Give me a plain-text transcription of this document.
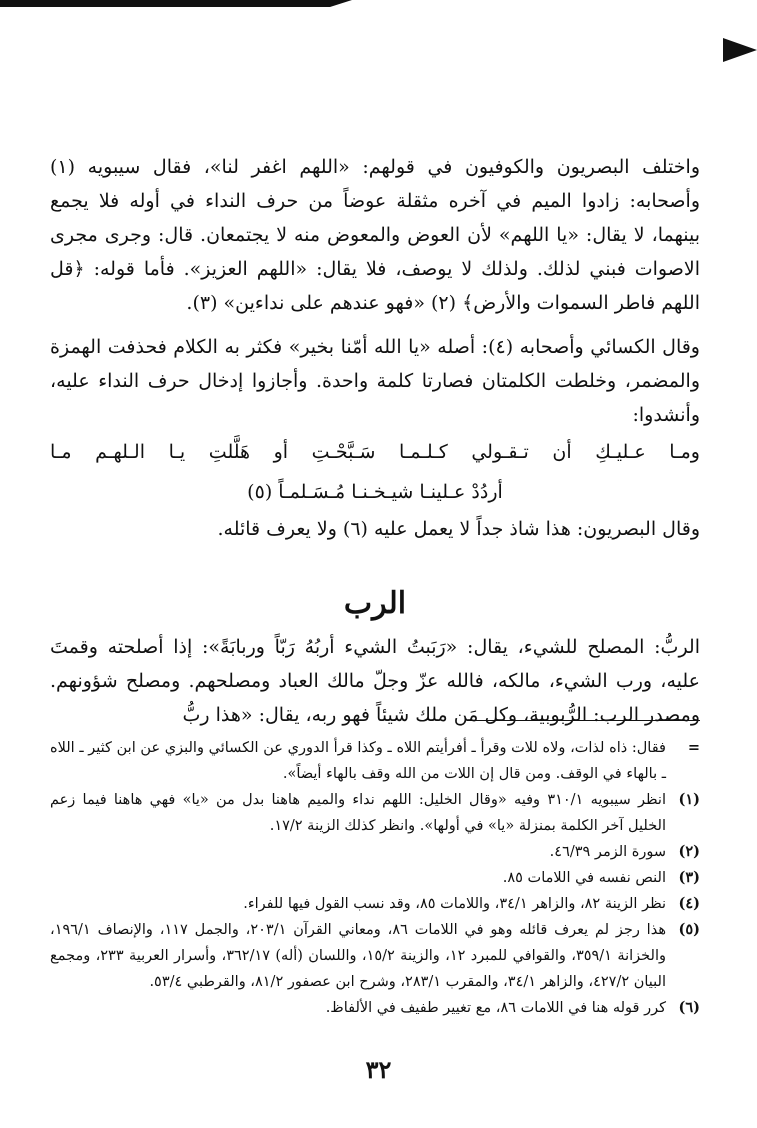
واختلف البصريون والكوفيون في قولهم: «اللهم اغفر لنا»، فقال سيبويه (١) وأصحابه: زادوا الميم في آخره مثقلة عوضاً من حرف النداء في أوله فلا يجمع بينهما، لا يقال: «يا اللهم» لأن العوض والمعوض منه لا يجتمعان. قال: وجرى مجرى الاصوات فبني لذلك. ولذلك لا يوصف، فلا يقال: «اللهم العزيز». فأما قوله: ﴿قل اللهم فاطر السموات والأرض﴾ (٢) «فهو عندهم على نداءين» (٣).

وقال الكسائي وأصحابه (٤): أصله «يا الله أمّنا بخير» فكثر به الكلام فحذفت الهمزة والمضمر، وخلطت الكلمتان فصارتا كلمة واحدة. وأجازوا إدخال حرف النداء عليه، وأنشدوا:

ومـا عـليـكِ أن تـقـولي كـلـمـا سَـبَّحْـتِ أو هَلَّلتِ يـا الـلهـم مـا

أردُدْ عـلينـا شيـخـنـا مُـسَـلمـاً (٥)

وقال البصريون: هذا شاذ جداً لا يعمل عليه (٦) ولا يعرف قائله.

الرب

الربُّ: المصلح للشيء، يقال: «رَبَبتُ الشيء أربُهُ رَبّاً وربابَةً»: إذا أصلحته وقمتَ عليه، ورب الشيء، مالكه، فالله عزّ وجلّ مالك العباد ومصلحهم. ومصلح شؤونهم. ومصدر الرب: الرُّبوبية، وكل مَن ملك شيئاً فهو ربه، يقال: «هذا ربُّ

=
فقال: ذاه لذات، ولاه للات وقرأ ـ أفرأيتم اللاه ـ وكذا قرأ الدوري عن الكسائي والبزي عن ابن كثير ـ اللاه ـ بالهاء في الوقف. ومن قال إن اللات من الله وقف بالهاء أيضاً».
(١)
انظر سيبويه ٣١٠/١ وفيه «وقال الخليل: اللهم نداء والميم هاهنا بدل من «يا» فهي هاهنا فيما زعم الخليل آخر الكلمة بمنزلة «يا» في أولها». وانظر كذلك الزينة ١٧/٢.
(٢)
سورة الزمر ٤٦/٣٩.
(٣)
النص نفسه في اللامات ٨٥.
(٤)
نظر الزينة ٨٢، والزاهر ٣٤/١، واللامات ٨٥، وقد نسب القول فيها للفراء.
(٥)
هذا رجز لم يعرف قائله وهو في اللامات ٨٦، ومعاني القرآن ٢٠٣/١، والجمل ١١٧، والإنصاف ١٩٦/١، والخزانة ٣٥٩/١، والقوافي للمبرد ١٢، والزينة ١٥/٢، واللسان (أله) ٣٦٢/١٧، وأسرار العربية ٢٣٣، ومجمع البيان ٤٢٧/٢، والزاهر ٣٤/١، والمقرب ٢٨٣/١، وشرح ابن عصفور ٨١/٢، والقرطبي ٥٣/٤.
(٦)
كرر قوله هنا في اللامات ٨٦، مع تغيير طفيف في الألفاظ.
٣٢
